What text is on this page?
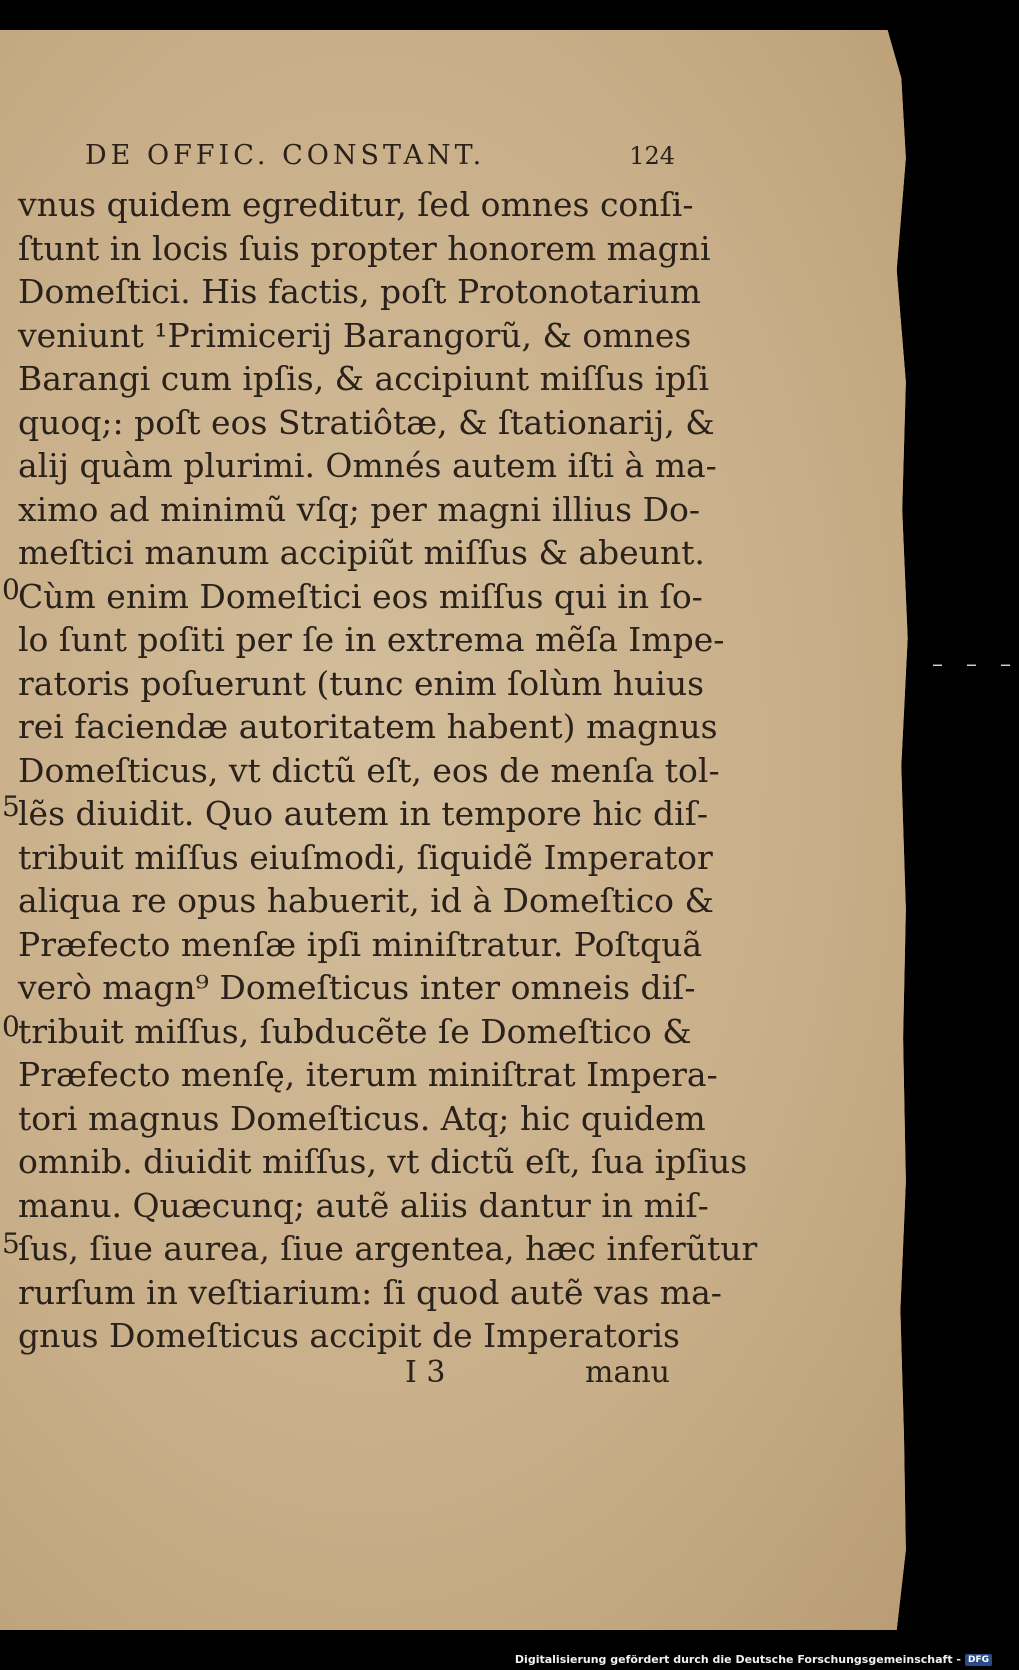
DE OFFIC. CONSTANT.	124
0
5
0
5
vnus quidem egreditur, ſed omnes conſi-
ſtunt in locis ſuis propter honorem magni
Domeſtici. His factis, poſt Protonotarium
veniunt ¹Primicerij Barangorũ, & omnes
Barangi cum ipſis, & accipiunt miſſus ipſi
quoq;: poſt eos Stratiôtæ, & ſtationarij, &
alij quàm plurimi. Omnés autem iſti à ma-
ximo ad minimũ vſq; per magni illius Do-
meſtici manum accipiũt miſſus & abeunt.
Cùm enim Domeſtici eos miſſus qui in ſo-
lo ſunt poſiti per ſe in extrema mẽſa Impe-
ratoris poſuerunt (tunc enim ſolùm huius
rei faciendæ autoritatem habent) magnus
Domeſticus, vt dictũ eſt, eos de menſa tol-
lẽs diuidit. Quo autem in tempore hic diſ-
tribuit miſſus eiuſmodi, ſiquidẽ Imperator
aliqua re opus habuerit, id à Domeſtico &
Præfecto menſæ ipſi miniſtratur. Poſtquã
verò magn⁹ Domeſticus inter omneis diſ-
tribuit miſſus, ſubducẽte ſe Domeſtico &
Præfecto menſę, iterum miniſtrat Impera-
tori magnus Domeſticus. Atq; hic quidem
omnib. diuidit miſſus, vt dictũ eſt, ſua ipſius
manu. Quæcunq; autẽ aliis dantur in miſ-
ſus, ſiue aurea, ſiue argentea, hæc inferũtur
rurſum in veſtiarium: ſi quod autẽ vas ma-
gnus Domeſticus accipit de Imperatoris
I 3	manu
– – –
Digitalisierung gefördert durch die Deutsche Forschungsgemeinschaft - DFG
